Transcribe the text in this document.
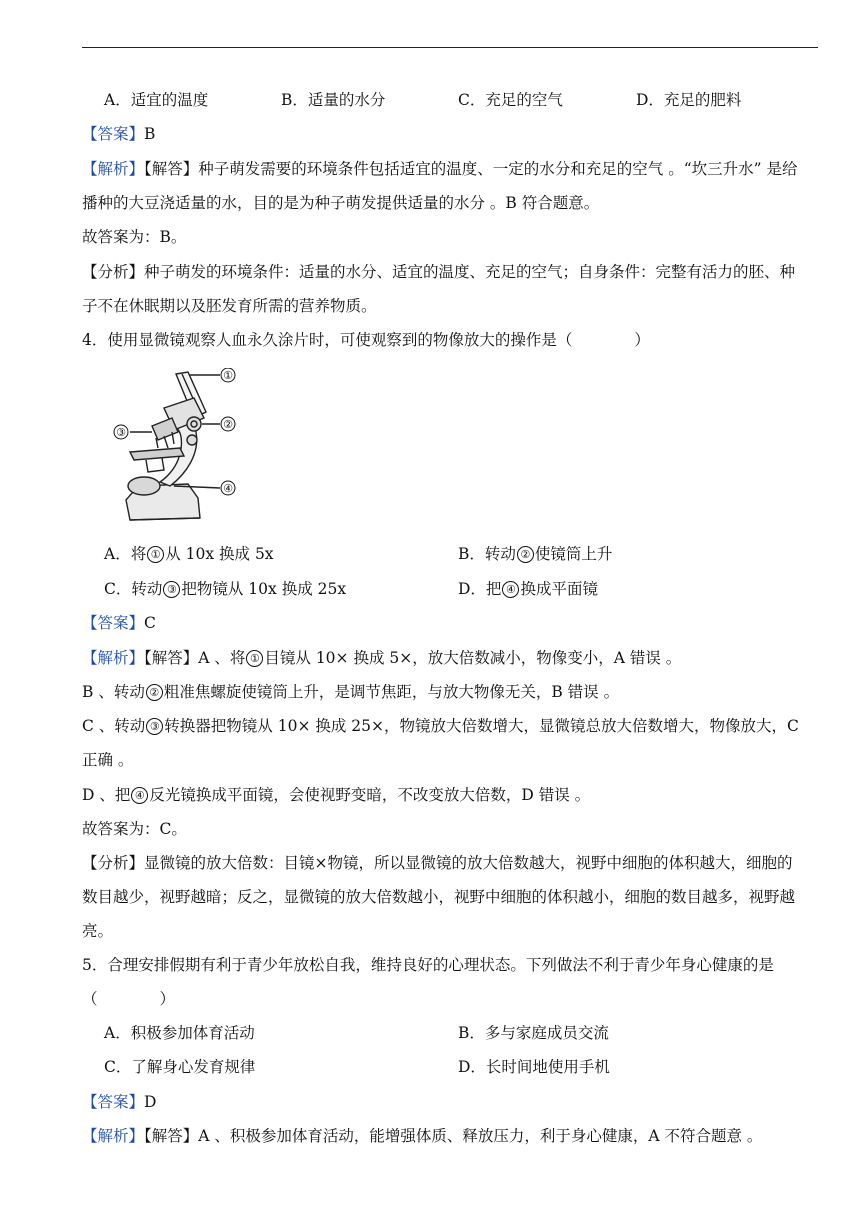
A．适宜的温度	B．适量的水分	C．充足的空气	D．充足的肥料
【答案】B
【解析】【解答】种子萌发需要的环境条件包括适宜的温度、一定的水分和充足的空气 。“坎三升水” 是给
播种的大豆浇适量的水，目的是为种子萌发提供适量的水分 。B 符合题意。
故答案为：B。
【分析】种子萌发的环境条件：适量的水分、适宜的温度、充足的空气；自身条件：完整有活力的胚、种
子不在休眠期以及胚发育所需的营养物质。
4．使用显微镜观察人血永久涂片时，可使观察到的物像放大的操作是（　　　　）
①
②
③
④
A．将 ① 从 10x 换成 5x	B．转动 ② 使镜筒上升
C．转动 ③ 把物镜从 10x 换成 25x	D．把 ④ 换成平面镜
【答案】C
【解析】【解答】A 、将 ① 目镜从 10× 换成 5×，放大倍数减小，物像变小，A 错误 。
B 、转动 ② 粗准焦螺旋使镜筒上升，是调节焦距，与放大物像无关，B 错误 。
C 、转动 ③ 转换器把物镜从 10× 换成 25×，物镜放大倍数增大，显微镜总放大倍数增大，物像放大，C
正确 。
D 、把 ④ 反光镜换成平面镜，会使视野变暗，不改变放大倍数，D 错误 。
故答案为：C。
【分析】显微镜的放大倍数：目镜×物镜，所以显微镜的放大倍数越大，视野中细胞的体积越大，细胞的
数目越少，视野越暗；反之，显微镜的放大倍数越小，视野中细胞的体积越小，细胞的数目越多，视野越
亮。
5．合理安排假期有利于青少年放松自我，维持良好的心理状态。下列做法不利于青少年身心健康的是
（　　　　）
A．积极参加体育活动	B．多与家庭成员交流
C．了解身心发育规律	D．长时间地使用手机
【答案】D
【解析】【解答】A 、积极参加体育活动，能增强体质、释放压力，利于身心健康，A 不符合题意 。
